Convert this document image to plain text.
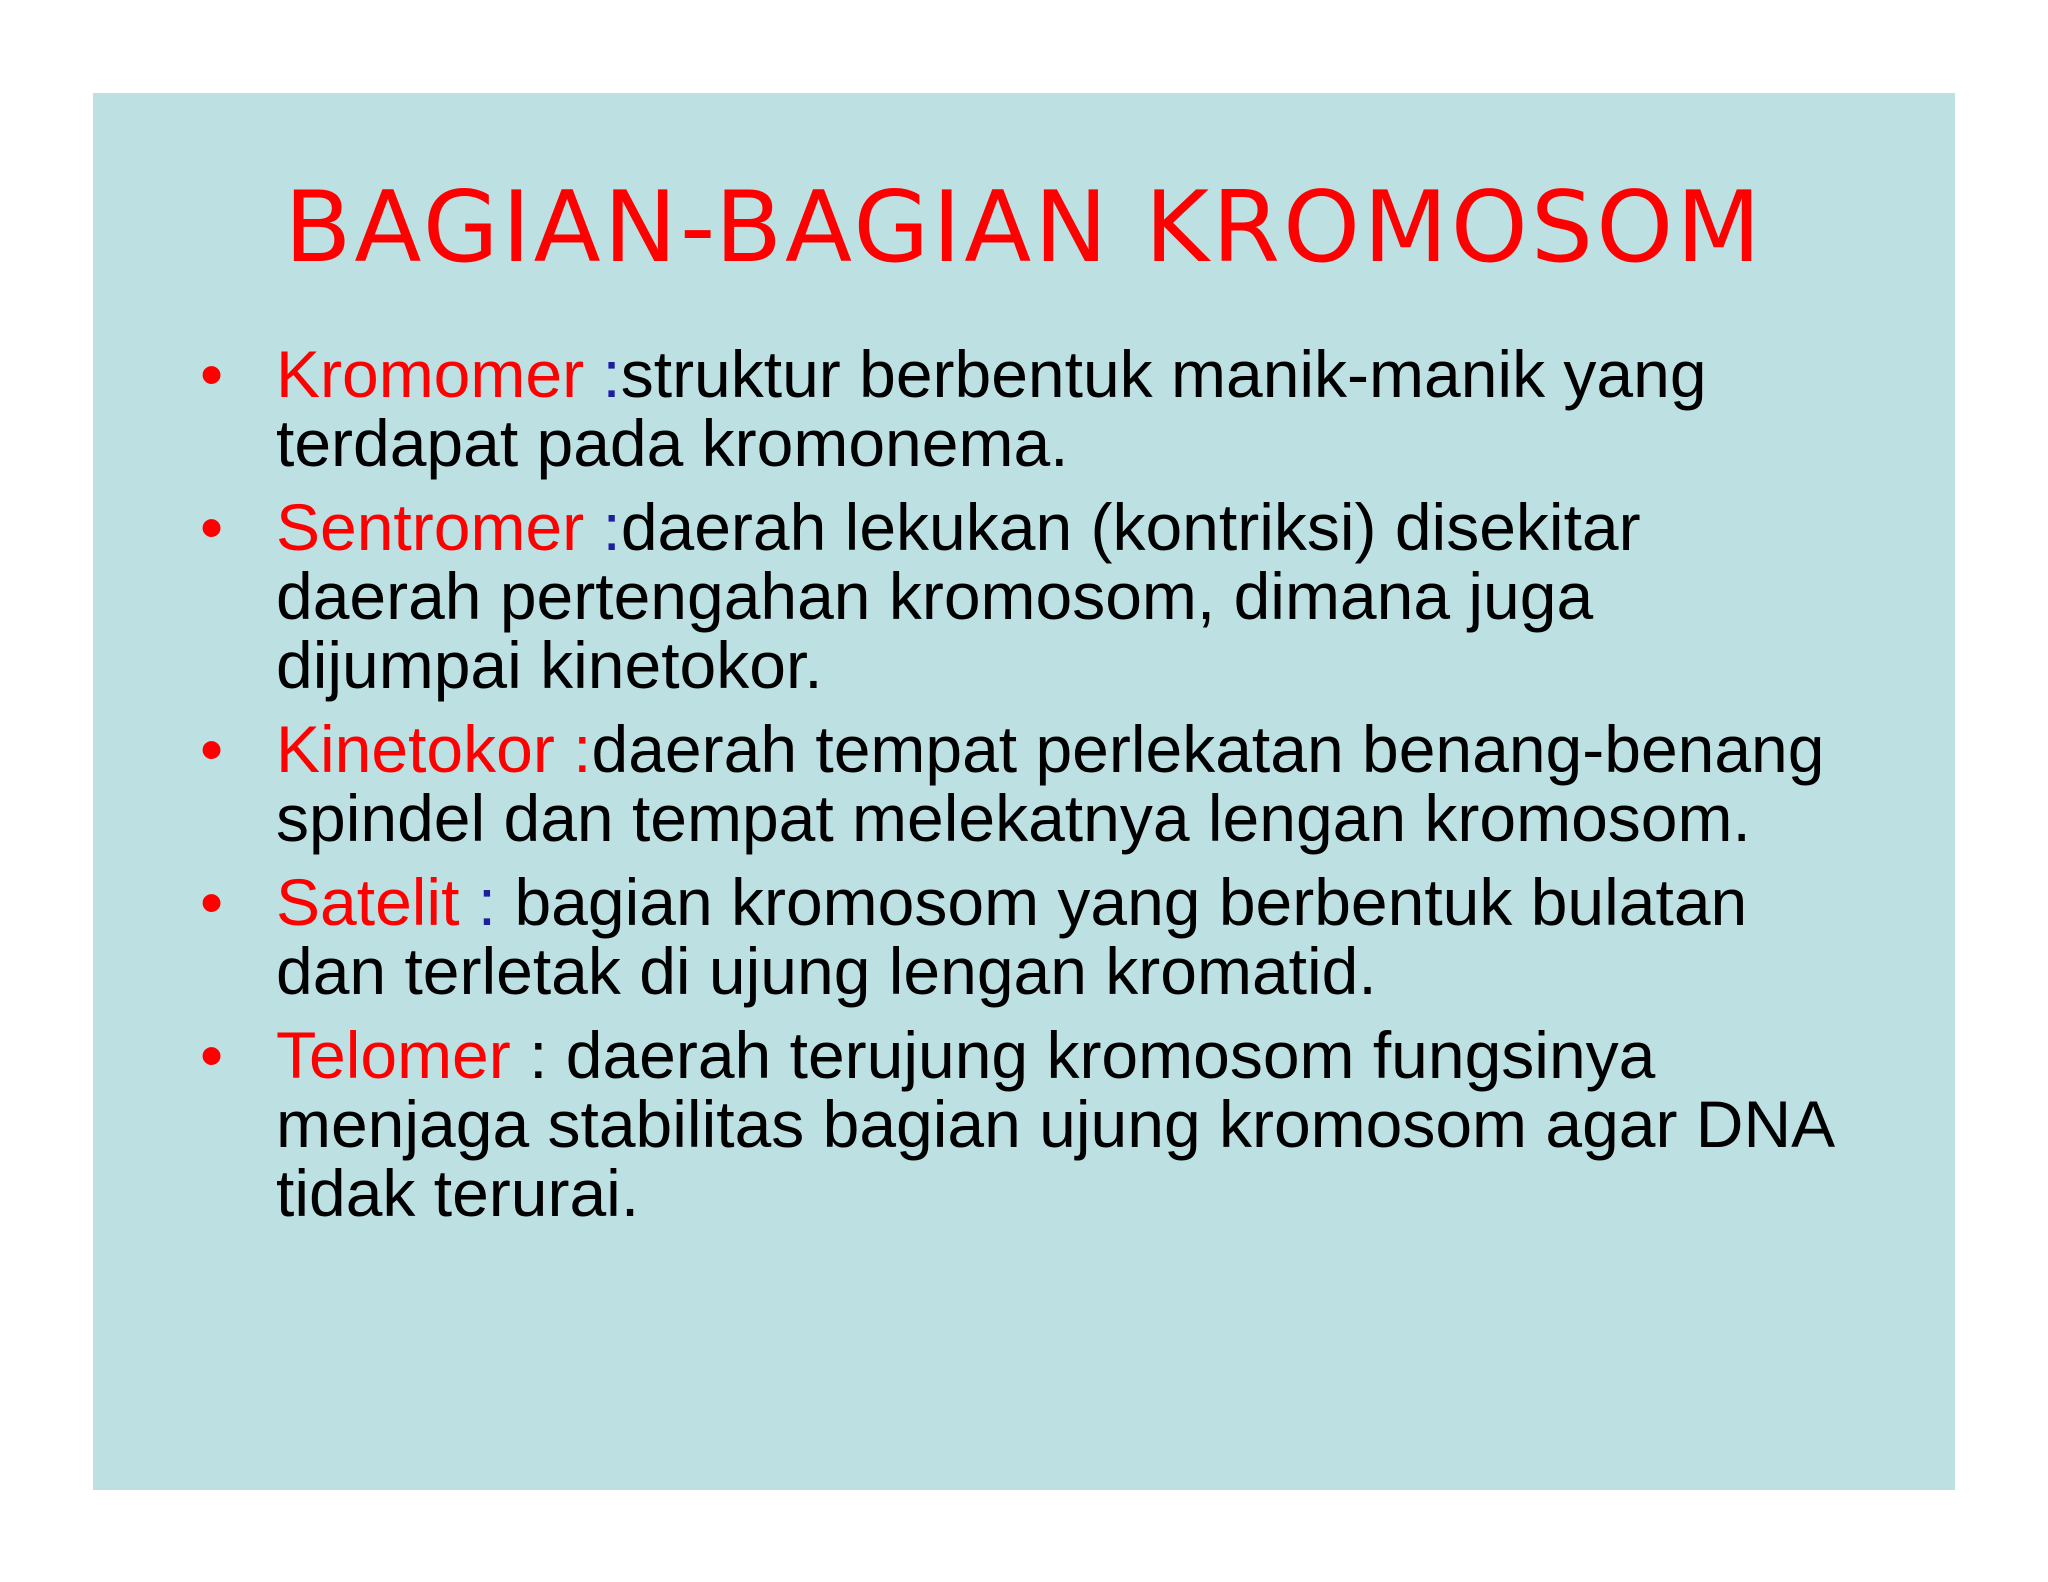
BAGIAN-BAGIAN KROMOSOM
• Kromomer :struktur berbentuk manik-manik yang terdapat pada kromonema.
• Sentromer :daerah lekukan (kontriksi) disekitar daerah pertengahan kromosom, dimana juga dijumpai kinetokor.
• Kinetokor :daerah tempat perlekatan benang-benang spindel dan tempat melekatnya lengan kromosom.
• Satelit : bagian kromosom yang berbentuk bulatan dan terletak di ujung lengan kromatid.
• Telomer : daerah terujung kromosom fungsinya menjaga stabilitas bagian ujung kromosom agar DNA tidak terurai.
